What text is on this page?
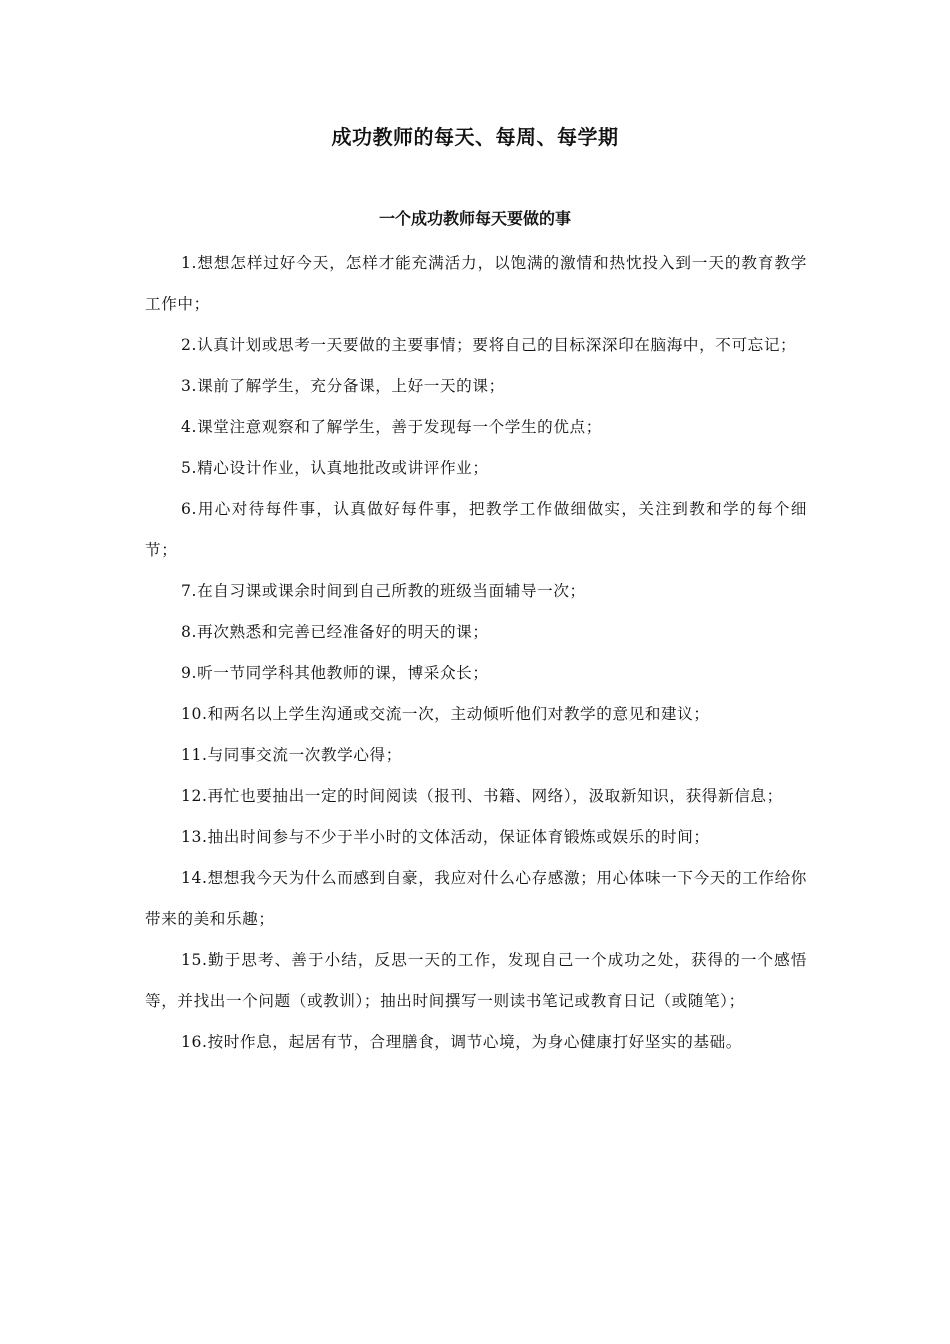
成功教师的每天、每周、每学期
一个成功教师每天要做的事
1.想想怎样过好今天，怎样才能充满活力，以饱满的激情和热忱投入到一天的教育教学工作中；
2.认真计划或思考一天要做的主要事情；要将自己的目标深深印在脑海中，不可忘记；
3.课前了解学生，充分备课，上好一天的课；
4.课堂注意观察和了解学生，善于发现每一个学生的优点；
5.精心设计作业，认真地批改或讲评作业；
6.用心对待每件事，认真做好每件事，把教学工作做细做实，关注到教和学的每个细节；
7.在自习课或课余时间到自己所教的班级当面辅导一次；
8.再次熟悉和完善已经准备好的明天的课；
9.听一节同学科其他教师的课，博采众长；
10.和两名以上学生沟通或交流一次，主动倾听他们对教学的意见和建议；
11.与同事交流一次教学心得；
12.再忙也要抽出一定的时间阅读（报刊、书籍、网络），汲取新知识，获得新信息；
13.抽出时间参与不少于半小时的文体活动，保证体育锻炼或娱乐的时间；
14.想想我今天为什么而感到自豪，我应对什么心存感激；用心体味一下今天的工作给你带来的美和乐趣；
15.勤于思考、善于小结，反思一天的工作，发现自己一个成功之处，获得的一个感悟等，并找出一个问题（或教训）；抽出时间撰写一则读书笔记或教育日记（或随笔）；
16.按时作息，起居有节，合理膳食，调节心境，为身心健康打好坚实的基础。
